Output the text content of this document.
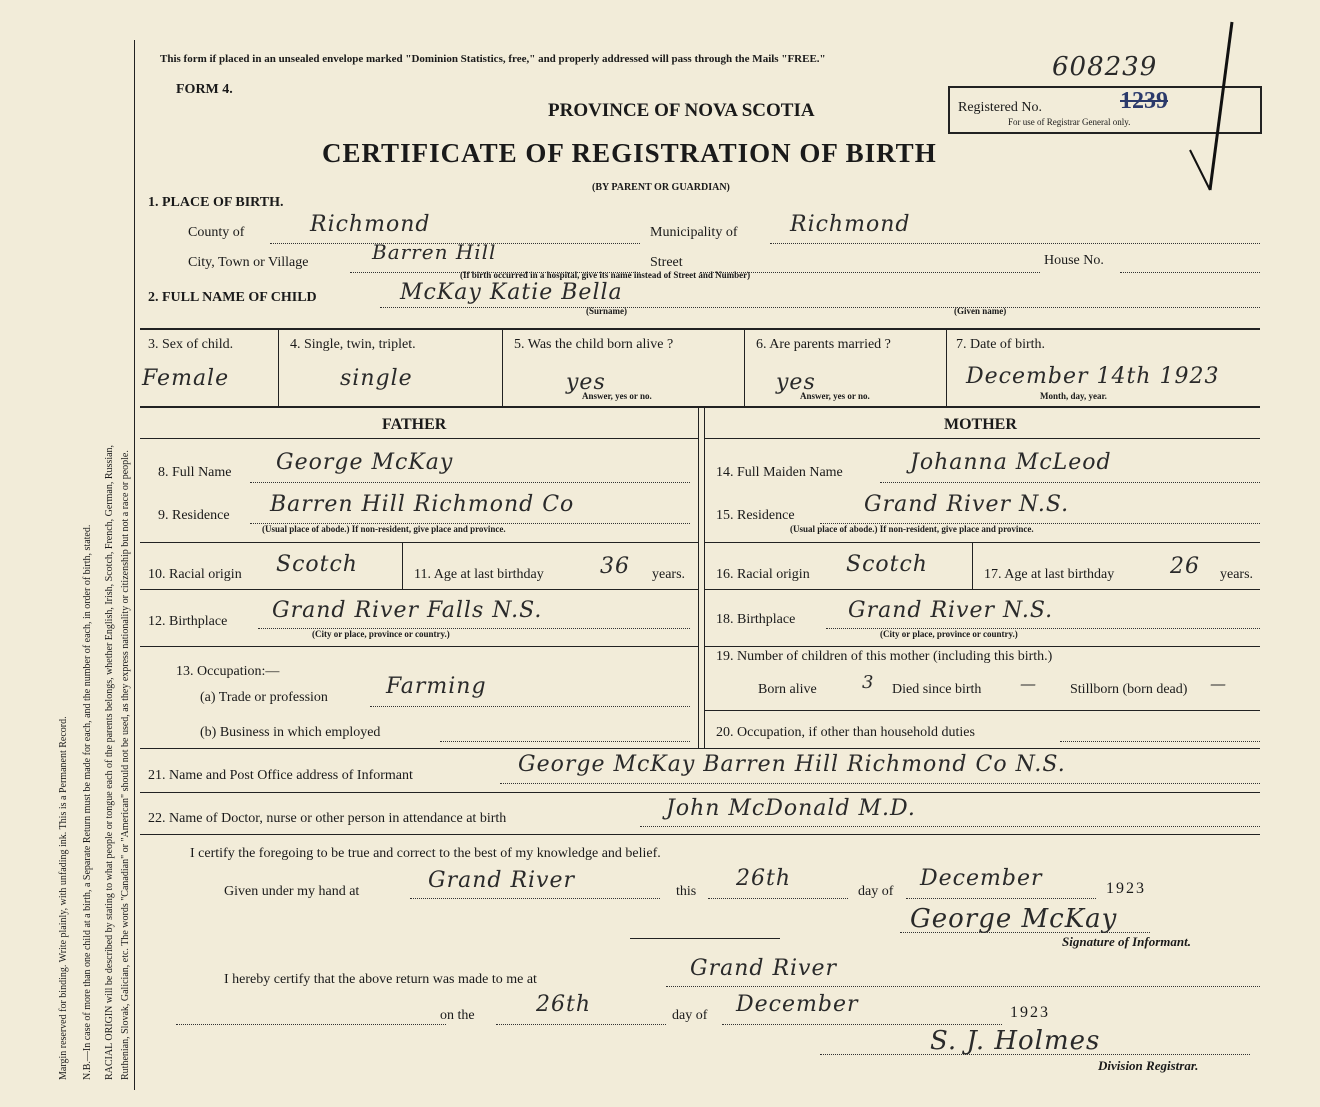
Margin reserved for binding. Write plainly, with unfading ink. This is a Permanent Record. N.B.—In case of more than one child at a birth, a Separate Return must be made for each, and the number of each, in order of birth, stated. RACIAL ORIGIN will be described by stating to what people or tongue each of the parents belongs, whether English, Irish, Scotch, French, German, Russian, Ruthenian, Slovak, Galician, etc. The words "Canadian" or "American" should not be used, as they express nationality or citizenship but not a race or people.
This form if placed in an unsealed envelope marked "Dominion Statistics, free," and properly addressed will pass through the Mails "FREE."	608239
FORM 4.
PROVINCE OF NOVA SCOTIA	Registered No.	1239
For use of Registrar General only.
CERTIFICATE OF REGISTRATION OF BIRTH
(BY PARENT OR GUARDIAN)
1. PLACE OF BIRTH.
County of	Richmond	Municipality of Richmond
City, Town or Village	Barren Hill	Street	House No.
(If birth occurred in a hospital, give its name instead of Street and Number)
2. FULL NAME OF CHILD	McKay Katie Bella
(Surname)	(Given name)
3. Sex of child.
Female
4. Single, twin, triplet.
single
5. Was the child born alive ?
yes
Answer, yes or no.
6. Are parents married ?
yes
Answer, yes or no.
7. Date of birth.
December 14th 1923
Month, day, year.
FATHER	MOTHER
8. Full Name George McKay
9. Residence Barren Hill Richmond Co
(Usual place of abode.) If non-resident, give place and province.
10. Racial origin Scotch	11. Age at last birthday	36 years.
12. Birthplace Grand River Falls N.S.
(City or place, province or country.)
13. Occupation:—
(a) Trade or profession	Farming
(b) Business in which employed
14. Full Maiden Name	Johanna McLeod
15. Residence	Grand River N.S.
(Usual place of abode.) If non-resident, give place and province.
16. Racial origin Scotch	17. Age at last birthday	26 years.
18. Birthplace Grand River N.S.
(City or place, province or country.)
19. Number of children of this mother (including this birth.)
Born alive	3 Died since birth — Stillborn (born dead) —
20. Occupation, if other than household duties
21. Name and Post Office address of Informant	George McKay Barren Hill Richmond Co N.S.
22. Name of Doctor, nurse or other person in attendance at birth	John McDonald M.D.
I certify the foregoing to be true and correct to the best of my knowledge and belief.
Given under my hand at	Grand River	this
26th
day of
December	1923
George McKay
Signature of Informant.
I hereby certify that the above return was made to me at	Grand River
on the	26th	day of December	1923
S. J. Holmes
Division Registrar.
